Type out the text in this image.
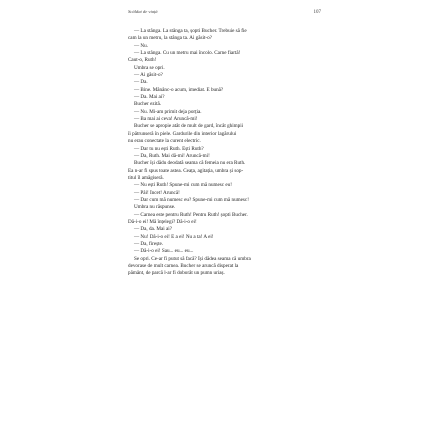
Scăldat de viață	107

— La stânga. La stânga ta, șopti Bucher. Trebuie să fie

cam la un metru, la stânga ta. Ai găsit-o?

— Nu.

— La stânga. Cu un metru mai încolo. Carne fiartă!

Caut-o, Ruth!

Umbra se opri.

— Ai găsit-o?

— Da.

— Bine. Mănânc-o acum, imediat. E bună?

— Da. Mai ai?

Bucher ezită.

— Nu. Mi-am primit deja porția.

— Ba mai ai ceva! Aruncă-mi!

Bucher se apropie atât de mult de gard, încât ghimpii

îi pătrunseră în piele. Gardurile din interior lagărului

nu erau conectate la curent electric.

— Dar tu nu ești Ruth. Ești Ruth?

— Da, Ruth. Mai dă-mi! Aruncă-mi!

Bucher își dădu deodată seama că femeia nu era Ruth.

Ea n-ar fi spus toate astea. Ceața, agitația, umbra și sop-

titul îl amăgiseră.

— Nu ești Ruth! Spune-mi cum mă numesc eu!

— Pâi! Încet! Aruncă!

— Dar cum mă numesc eu? Spune-mi cum mă numesc!

Umbra nu răspunse.

— Carnea este pentru Ruth! Pentru Ruth! șopti Bucher.

Dă-i-o ei! Mă înțelegi? Dă-i-o ei!

— Da, da. Mai ai?

— Nu! Dă-i-o ei! E a ei! Nu a ta! A ei!

— Da, firește.

— Dă-i-o ei! Sau... eu... eu...

Se opri. Ce-ar fi putut să facă? Își dădea seama că umbra

devorase de mult carnea. Bucher se aruncă disperat la

pământ, de parcă l-ar fi doborât un pumn uriaș.
